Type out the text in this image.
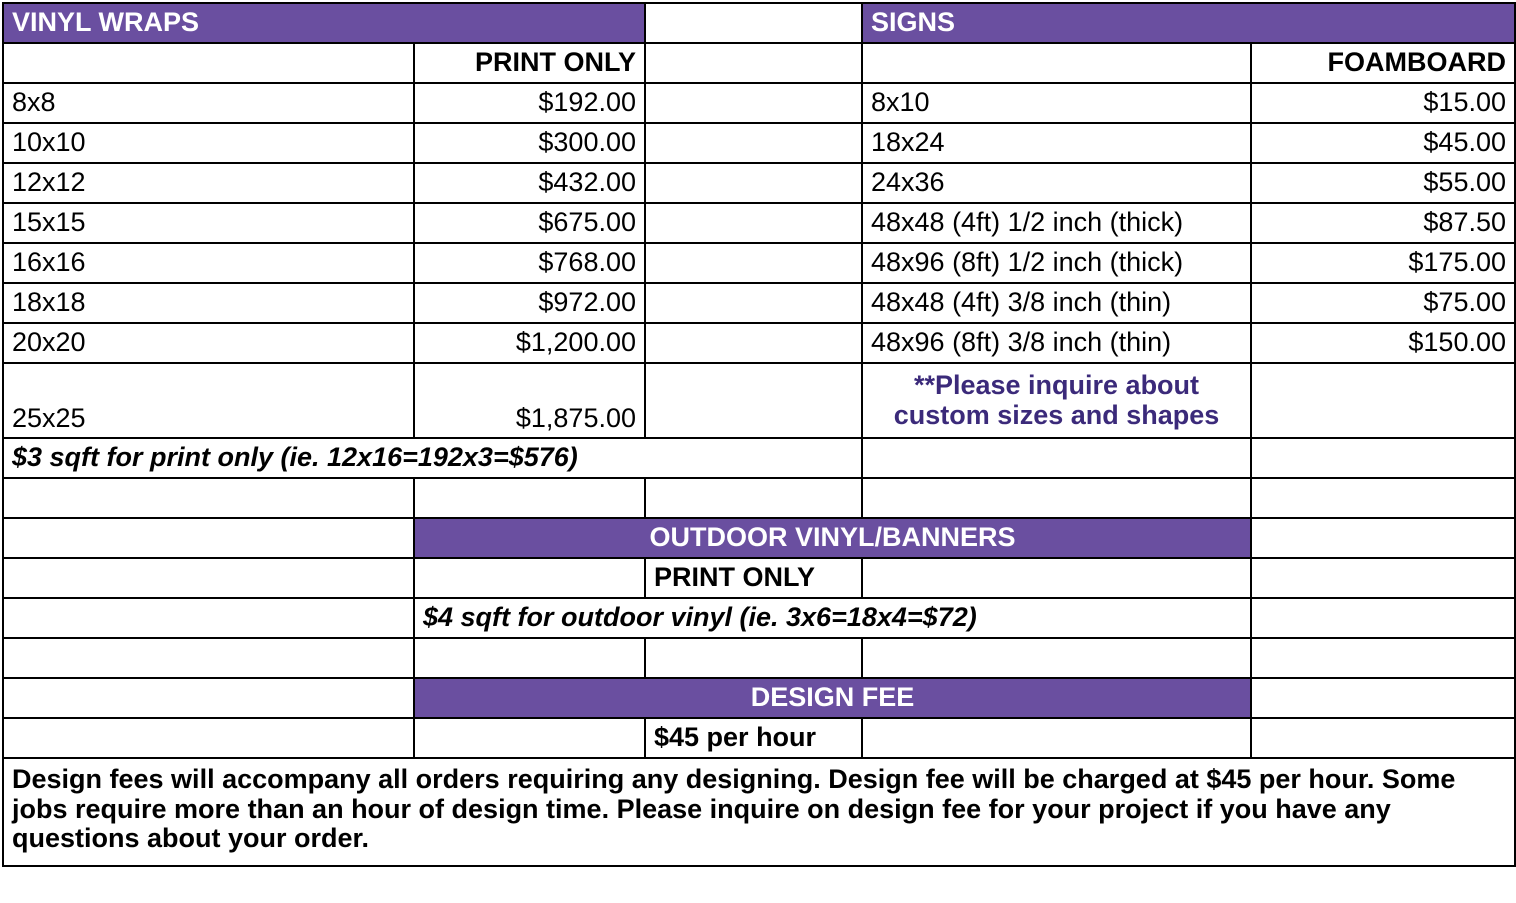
VINYL WRAPS			SIGNS	
	PRINT ONLY			FOAMBOARD
8x8	$192.00		8x10	$15.00
10x10	$300.00		18x24	$45.00
12x12	$432.00		24x36	$55.00
15x15	$675.00		48x48 (4ft) 1/2 inch (thick)	$87.50
16x16	$768.00		48x96 (8ft) 1/2 inch (thick)	$175.00
18x18	$972.00		48x48 (4ft) 3/8 inch (thin)	$75.00
20x20	$1,200.00		48x96 (8ft) 3/8 inch (thin)	$150.00
25x25	$1,875.00		**Please inquire about
custom sizes and shapes	

$3 sqft for print only (ie. 12x16=192x3=$576)				

	OUTDOOR VINYL/BANNERS			
		PRINT ONLY		
	$4 sqft for outdoor vinyl (ie. 3x6=18x4=$72)			

	DESIGN FEE			
		$45 per hour		
Design fees will accompany all orders requiring any designing. Design fee will be charged at $45 per hour. Some jobs require more than an hour of design time. Please inquire on design fee for your project if you have any questions about your order.				
